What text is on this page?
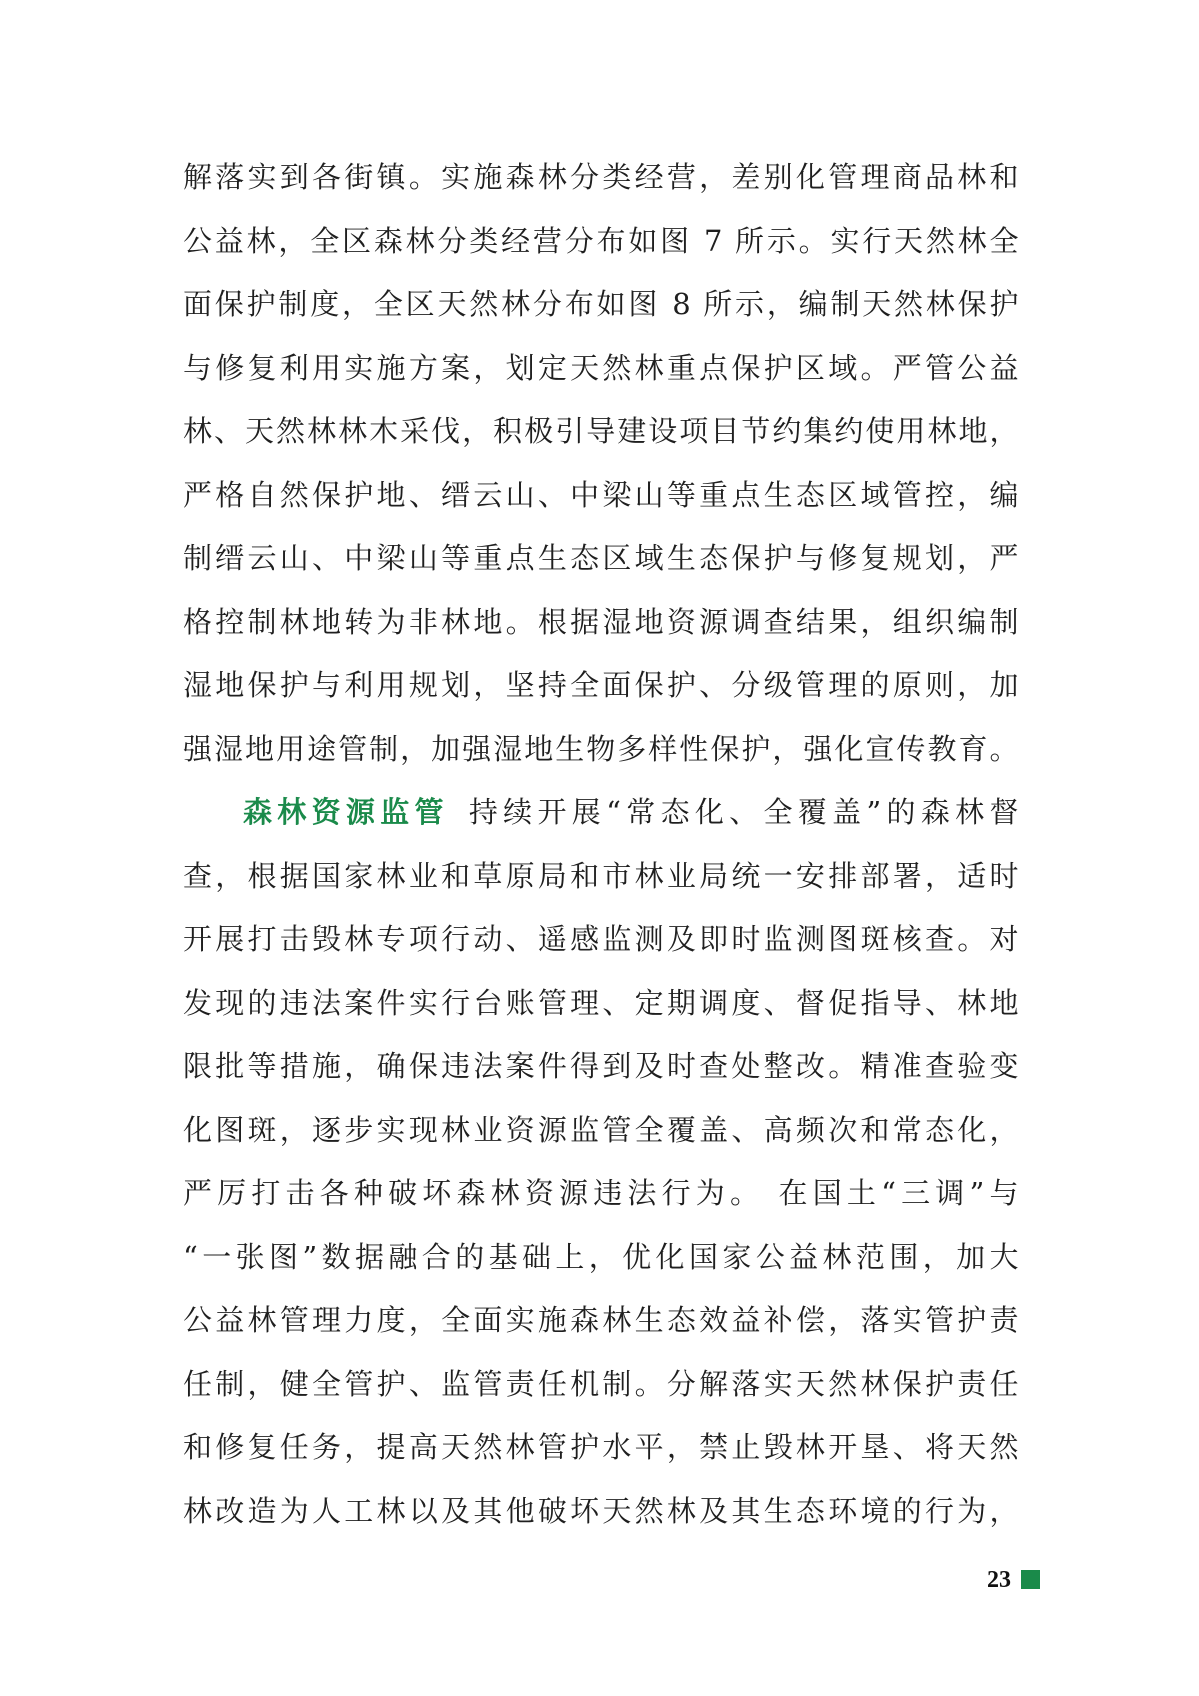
解落实到各街镇。实施森林分类经营，差别化管理商品林和
公益林，全区森林分类经营分布如图 7 所示。实行天然林全
面保护制度，全区天然林分布如图 8 所示，编制天然林保护
与修复利用实施方案，划定天然林重点保护区域。严管公益
林、天然林林木采伐，积极引导建设项目节约集约使用林地，
严格自然保护地、缙云山、中梁山等重点生态区域管控，编
制缙云山、中梁山等重点生态区域生态保护与修复规划，严
格控制林地转为非林地。根据湿地资源调查结果，组织编制
湿地保护与利用规划，坚持全面保护、分级管理的原则，加
强湿地用途管制，加强湿地生物多样性保护，强化宣传教育。
森林资源监管 持续开展“常态化、全覆盖”的森林督
查，根据国家林业和草原局和市林业局统一安排部署，适时
开展打击毁林专项行动、遥感监测及即时监测图斑核查。对
发现的违法案件实行台账管理、定期调度、督促指导、林地
限批等措施，确保违法案件得到及时查处整改。精准查验变
化图斑，逐步实现林业资源监管全覆盖、高频次和常态化，
严厉打击各种破坏森林资源违法行为。 在国土“三调”与
“一张图”数据融合的基础上，优化国家公益林范围，加大
公益林管理力度，全面实施森林生态效益补偿，落实管护责
任制，健全管护、监管责任机制。分解落实天然林保护责任
和修复任务，提高天然林管护水平，禁止毁林开垦、将天然
林改造为人工林以及其他破坏天然林及其生态环境的行为，
23
